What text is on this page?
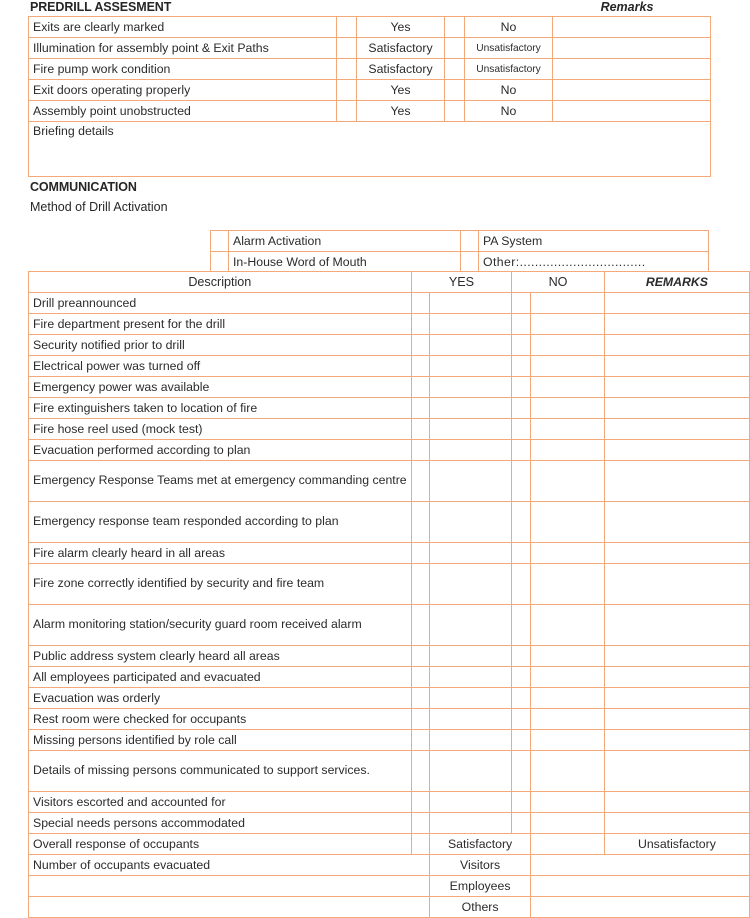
PREDRILL ASSESMENT	Remarks
Exits are clearly marked		Yes		No	
Illumination for assembly point & Exit Paths		Satisfactory		Unsatisfactory	
Fire pump work condition		Satisfactory		Unsatisfactory	
Exit doors operating properly		Yes		No	
Assembly point unobstructed		Yes		No	
Briefing details					
COMMUNICATION
Method of Drill Activation
	Alarm Activation		PA System
	In-House Word of Mouth		Other:.................................
Description	YES		NO		REMARKS
Drill preannounced					
Fire department present for the drill					
Security notified prior to drill					
Electrical power was turned off					
Emergency power was available					
Fire extinguishers taken to location of fire					
Fire hose reel used (mock test)					
Evacuation performed according to plan					
Emergency Response Teams met at emergency commanding centre					
Emergency response team responded according to plan					
Fire alarm clearly heard in all areas					
Fire zone correctly identified by security and fire team					
Alarm monitoring station/security guard room received alarm					
Public address system clearly heard all areas					
All employees participated and evacuated					
Evacuation was orderly					
Rest room were checked for occupants					
Missing persons identified by role call					
Details of missing persons communicated to support services.					
Visitors escorted and accounted for					
Special needs persons accommodated					
Overall response of occupants		Satisfactory			Unsatisfactory
Number of occupants evacuated		Visitors			
		Employees			
		Others			
